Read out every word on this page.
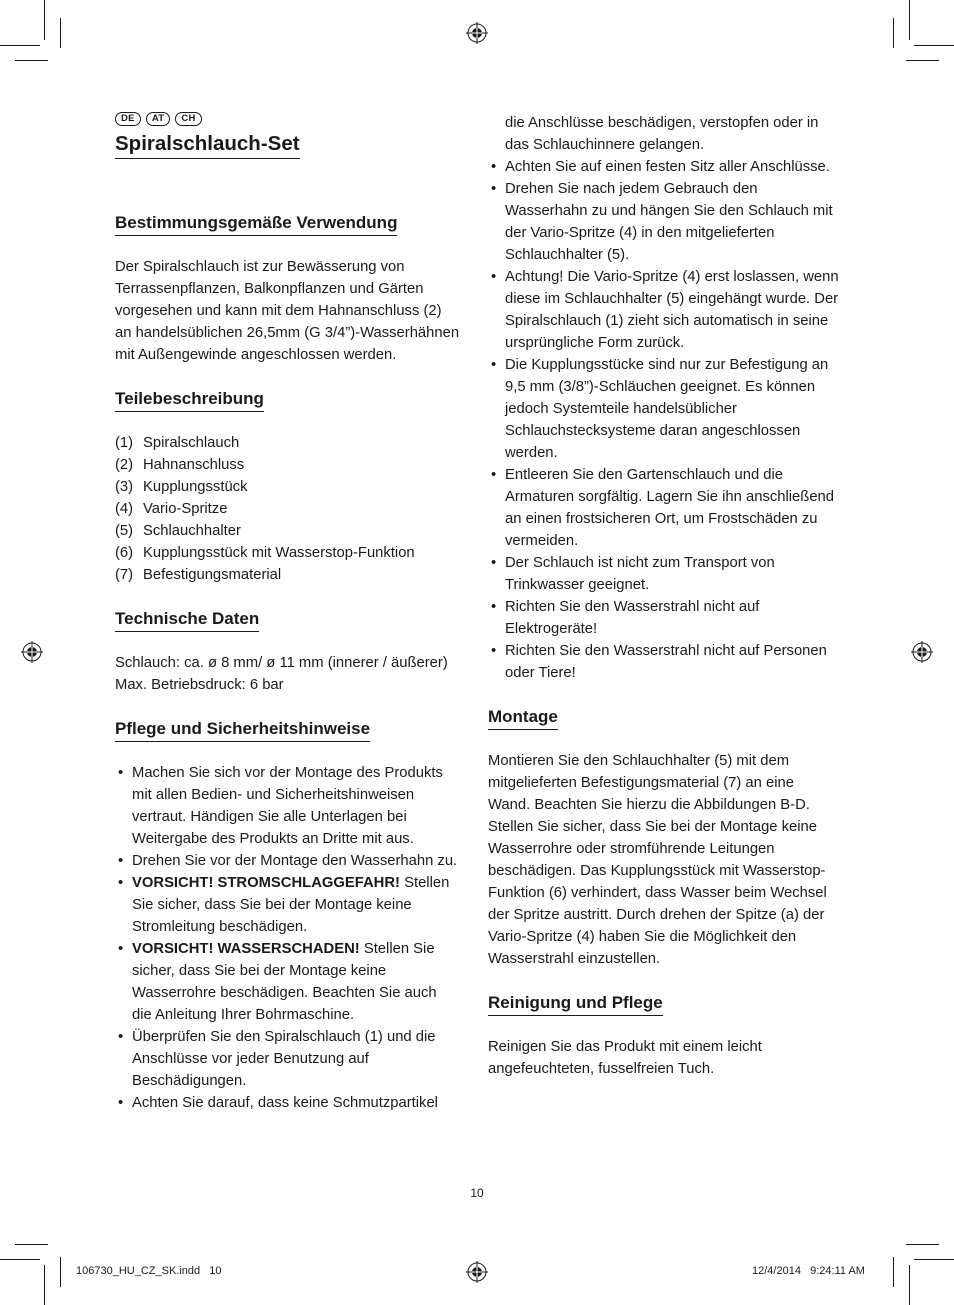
DE	AT	CH
Spiralschlauch-Set
Bestimmungsgemäße Verwendung

Der Spiralschlauch ist zur Bewässerung von Terrassenpflanzen, Balkonpflanzen und Gärten vorgesehen und kann mit dem Hahnanschluss (2) an handelsüblichen 26,5mm (G 3/4”)-Wasserhähnen mit Außengewinde angeschlossen werden.

Teilebeschreibung
(1) Spiralschlauch
(2) Hahnanschluss
(3) Kupplungsstück
(4) Vario-Spritze
(5) Schlauchhalter
(6) Kupplungsstück mit Wasserstop-Funktion
(7) Befestigungsmaterial
Technische Daten

Schlauch: ca. ø 8 mm/ ø 11 mm (innerer / äußerer)

Max. Betriebsdruck: 6 bar

Pflege und Sicherheitshinweise
• Machen Sie sich vor der Montage des Produkts mit allen Bedien- und Sicherheitshinweisen vertraut. Händigen Sie alle Unterlagen bei Weitergabe des Produkts an Dritte mit aus.
• Drehen Sie vor der Montage den Wasserhahn zu.
• VORSICHT! STROMSCHLAGGEFAHR! Stellen Sie sicher, dass Sie bei der Montage keine Stromleitung beschädigen.
• VORSICHT! WASSERSCHADEN! Stellen Sie sicher, dass Sie bei der Montage keine Wasserrohre beschädigen. Beachten Sie auch die Anleitung Ihrer Bohrmaschine.
• Überprüfen Sie den Spiralschlauch (1) und die Anschlüsse vor jeder Benutzung auf Beschädigungen.
• Achten Sie darauf, dass keine Schmutzpartikel
die Anschlüsse beschädigen, verstopfen oder in das Schlauchinnere gelangen.
• Achten Sie auf einen festen Sitz aller Anschlüsse.
• Drehen Sie nach jedem Gebrauch den Wasserhahn zu und hängen Sie den Schlauch mit der Vario-Spritze (4) in den mitgelieferten Schlauchhalter (5).
• Achtung! Die Vario-Spritze (4) erst loslassen, wenn diese im Schlauchhalter (5) eingehängt wurde. Der Spiralschlauch (1) zieht sich automatisch in seine ursprüngliche Form zurück.
• Die Kupplungsstücke sind nur zur Befestigung an 9,5 mm (3/8”)-Schläuchen geeignet. Es können jedoch Systemteile handelsüblicher Schlauchstecksysteme daran angeschlossen werden.
• Entleeren Sie den Gartenschlauch und die Armaturen sorgfältig. Lagern Sie ihn anschließend an einen frostsicheren Ort, um Frostschäden zu vermeiden.
• Der Schlauch ist nicht zum Transport von Trinkwasser geeignet.
• Richten Sie den Wasserstrahl nicht auf Elektrogeräte!
• Richten Sie den Wasserstrahl nicht auf Personen oder Tiere!
Montage

Montieren Sie den Schlauchhalter (5) mit dem mitgelieferten Befestigungsmaterial (7) an eine Wand. Beachten Sie hierzu die Abbildungen B-D. Stellen Sie sicher, dass Sie bei der Montage keine Wasserrohre oder stromführende Leitungen beschädigen. Das Kupplungsstück mit Wasserstop-Funktion (6) verhindert, dass Wasser beim Wechsel der Spritze austritt. Durch drehen der Spitze (a) der Vario-Spritze (4) haben Sie die Möglichkeit den Wasserstrahl einzustellen.

Reinigung und Pflege

Reinigen Sie das Produkt mit einem leicht angefeuchteten, fusselfreien Tuch.

10
106730_HU_CZ_SK.indd   10	12/4/2014   9:24:11 AM
